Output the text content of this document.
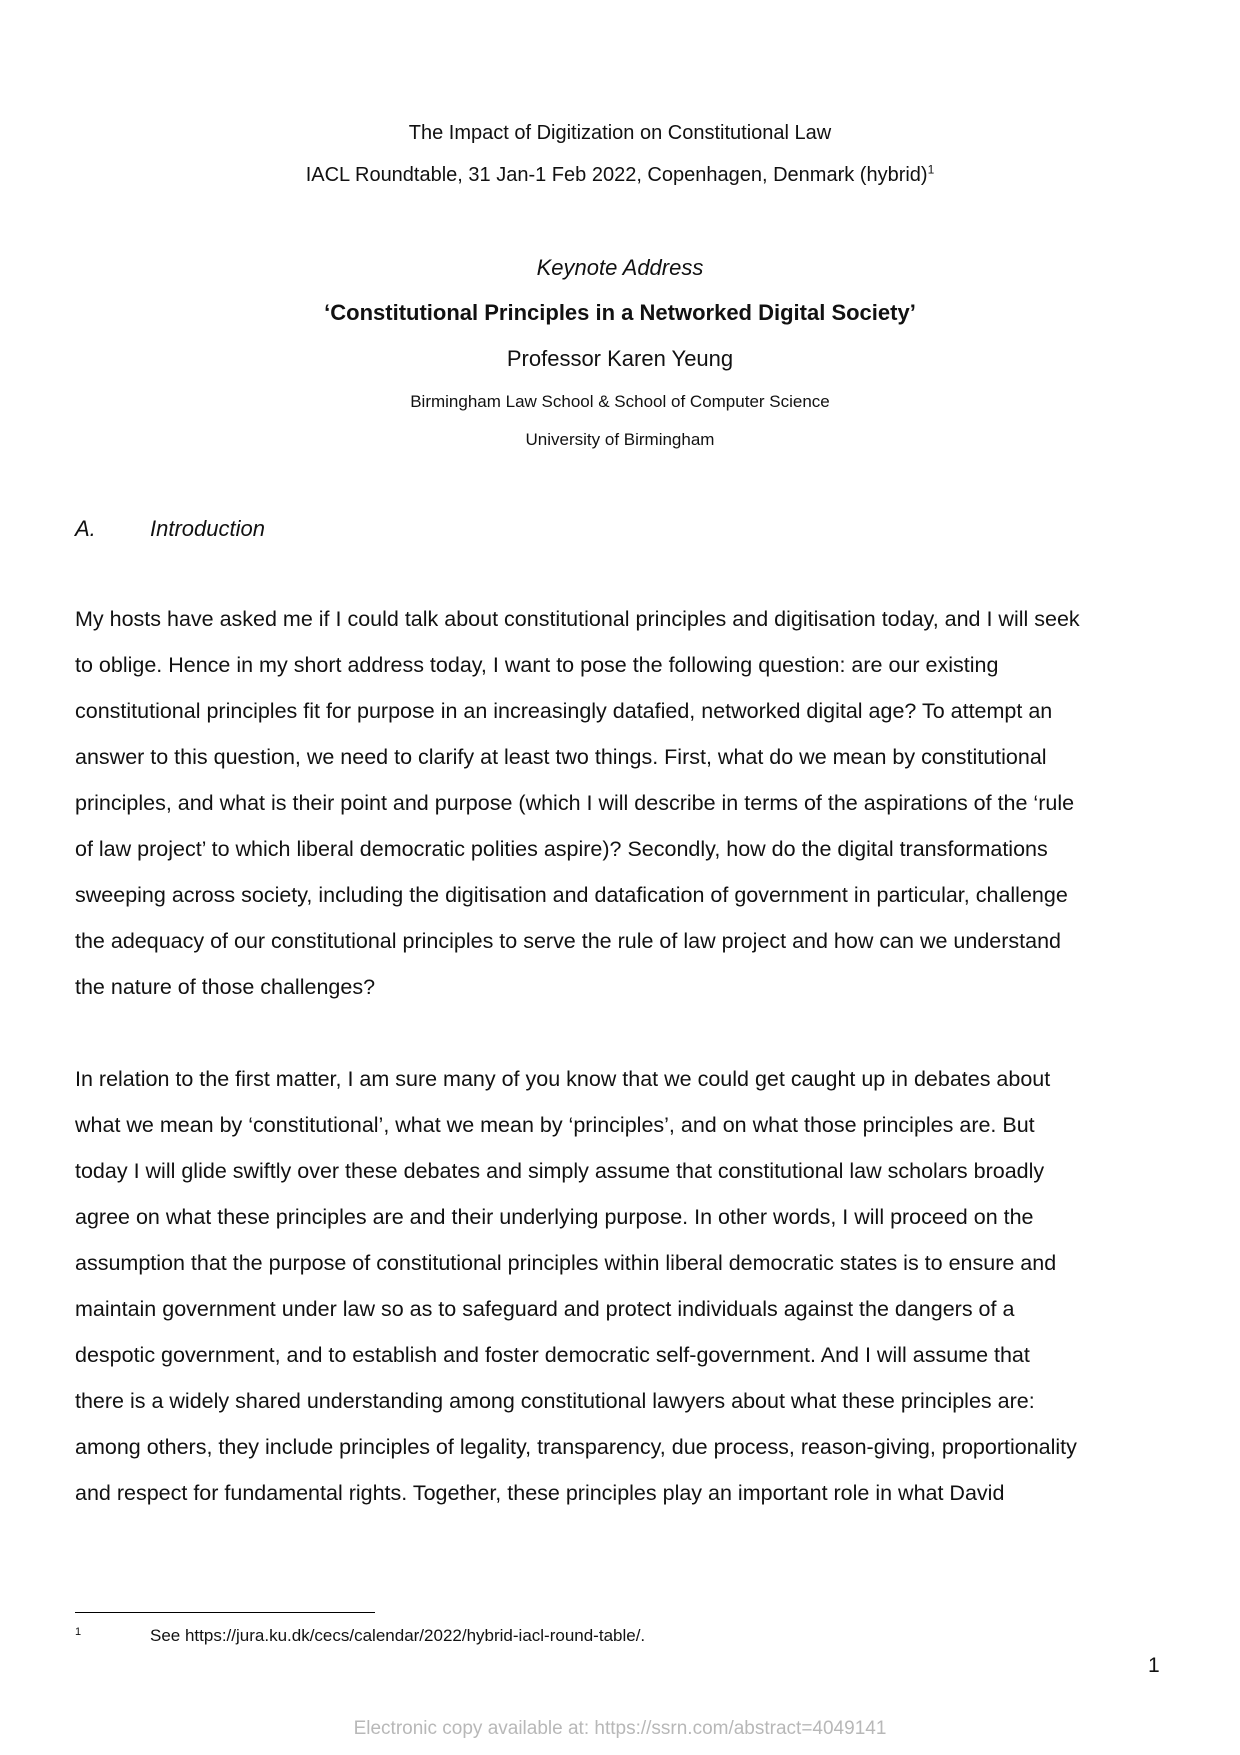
The Impact of Digitization on Constitutional Law
IACL Roundtable, 31 Jan-1 Feb 2022, Copenhagen, Denmark (hybrid)$^1$
Keynote Address
‘Constitutional Principles in a Networked Digital Society’
Professor Karen Yeung
Birmingham Law School & School of Computer Science
University of Birmingham
A. Introduction

My hosts have asked me if I could talk about constitutional principles and digitisation today, and I will seek
to oblige. Hence in my short address today, I want to pose the following question: are our existing
constitutional principles fit for purpose in an increasingly datafied, networked digital age? To attempt an
answer to this question, we need to clarify at least two things. First, what do we mean by constitutional
principles, and what is their point and purpose (which I will describe in terms of the aspirations of the ‘rule
of law project’ to which liberal democratic polities aspire)? Secondly, how do the digital transformations
sweeping across society, including the digitisation and datafication of government in particular, challenge
the adequacy of our constitutional principles to serve the rule of law project and how can we understand
the nature of those challenges?

In relation to the first matter, I am sure many of you know that we could get caught up in debates about
what we mean by ‘constitutional’, what we mean by ‘principles’, and on what those principles are. But
today I will glide swiftly over these debates and simply assume that constitutional law scholars broadly
agree on what these principles are and their underlying purpose. In other words, I will proceed on the
assumption that the purpose of constitutional principles within liberal democratic states is to ensure and
maintain government under law so as to safeguard and protect individuals against the dangers of a
despotic government, and to establish and foster democratic self-government. And I will assume that
there is a widely shared understanding among constitutional lawyers about what these principles are:
among others, they include principles of legality, transparency, due process, reason-giving, proportionality
and respect for fundamental rights. Together, these principles play an important role in what David

1	See https://jura.ku.dk/cecs/calendar/2022/hybrid-iacl-round-table/.
1
Electronic copy available at: https://ssrn.com/abstract=4049141
